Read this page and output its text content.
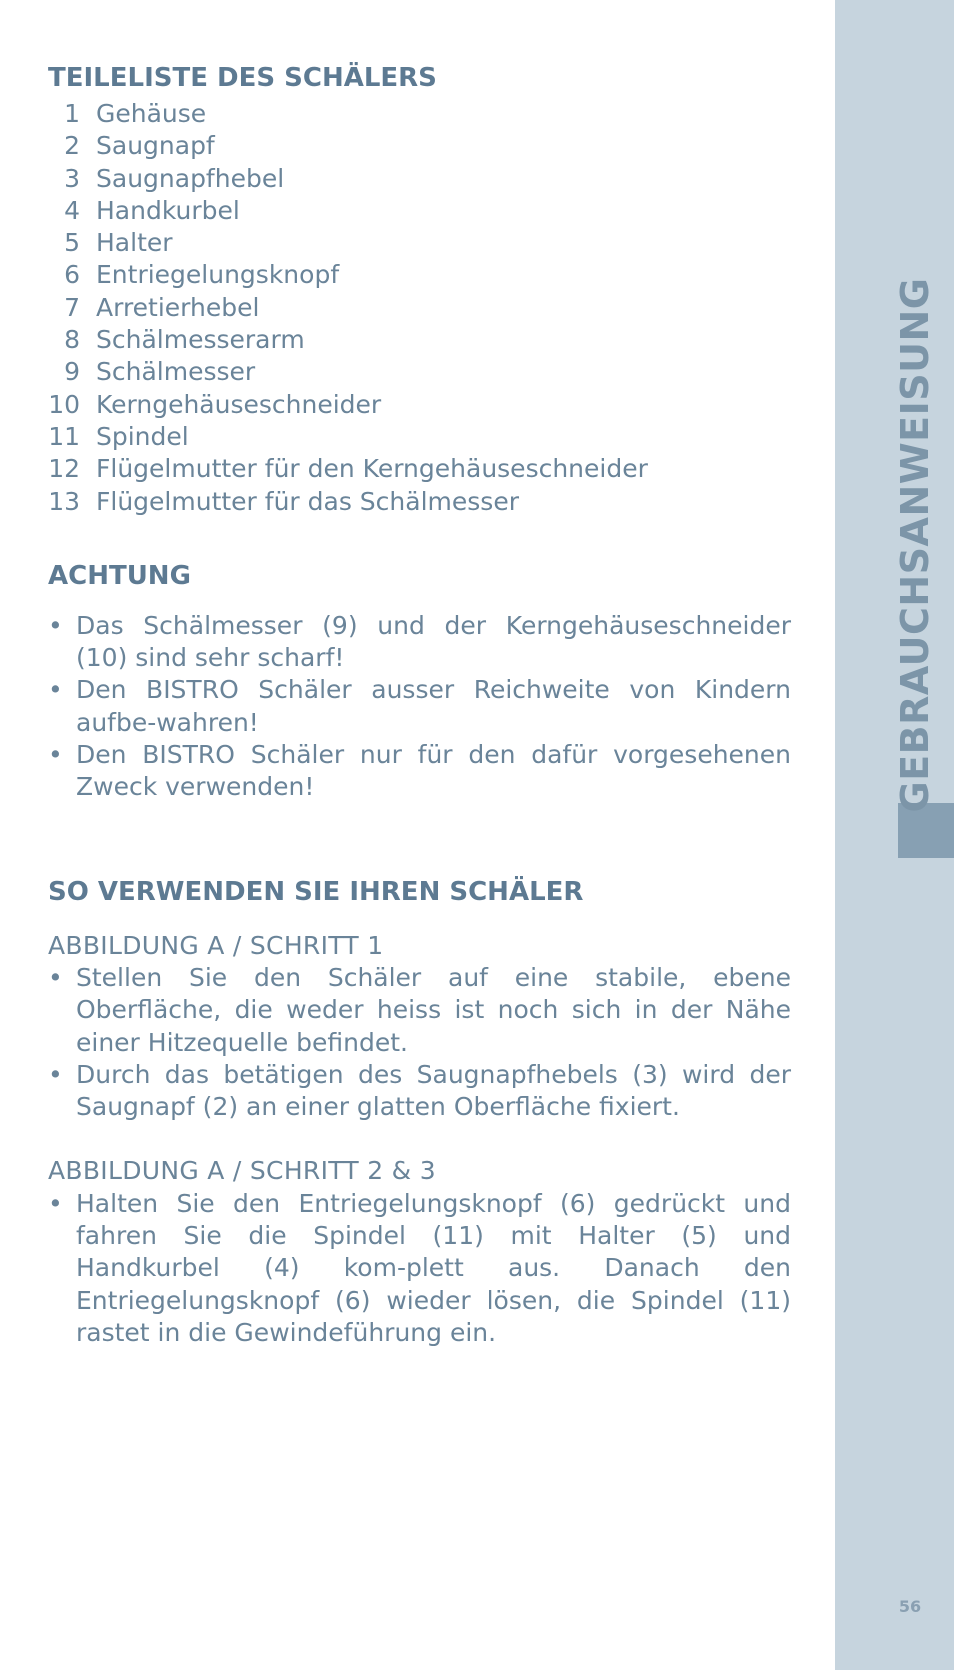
GEBRAUCHSANWEISUNG
56
TEILELISTE DES SCHÄLERS
1 Gehäuse
2 Saugnapf
3 Saugnapfhebel
4 Handkurbel
5 Halter
6 Entriegelungsknopf
7 Arretierhebel
8 Schälmesserarm
9 Schälmesser
10 Kerngehäuseschneider
11 Spindel
12 Flügelmutter für den Kerngehäuseschneider
13 Flügelmutter für das Schälmesser
ACHTUNG
• Das Schälmesser (9) und der Kerngehäuseschneider (10) sind sehr scharf!
• Den BISTRO Schäler ausser Reichweite von Kindern aufbe-wahren!
• Den BISTRO Schäler nur für den dafür vorgesehenen Zweck verwenden!
SO VERWENDEN SIE IHREN SCHÄLER

ABBILDUNG A / SCHRITT 1

• Stellen Sie den Schäler auf eine stabile, ebene Oberfläche, die weder heiss ist noch sich in der Nähe einer Hitzequelle befindet.
• Durch das betätigen des Saugnapfhebels (3) wird der Saugnapf (2) an einer glatten Oberfläche fixiert.

ABBILDUNG A / SCHRITT 2 & 3

• Halten Sie den Entriegelungsknopf (6) gedrückt und fahren Sie die Spindel (11) mit Halter (5) und Handkurbel (4) kom-plett aus. Danach den Entriegelungsknopf (6) wieder lösen, die Spindel (11) rastet in die Gewindeführung ein.
